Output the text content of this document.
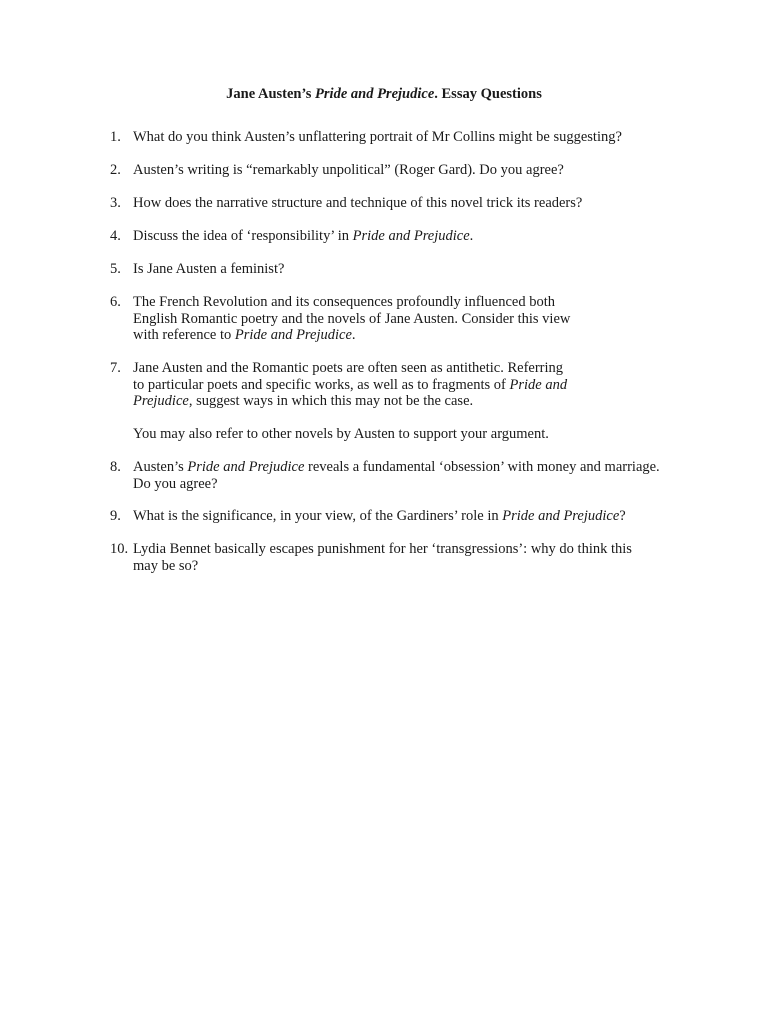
Jane Austen’s Pride and Prejudice. Essay Questions
1. What do you think Austen’s unflattering portrait of Mr Collins might be suggesting?
2. Austen’s writing is “remarkably unpolitical” (Roger Gard). Do you agree?
3. How does the narrative structure and technique of this novel trick its readers?
4. Discuss the idea of ‘responsibility’ in Pride and Prejudice.
5. Is Jane Austen a feminist?
6. The French Revolution and its consequences profoundly influenced both
English Romantic poetry and the novels of Jane Austen. Consider this view
with reference to Pride and Prejudice.
7. Jane Austen and the Romantic poets are often seen as antithetic. Referring
to particular poets and specific works, as well as to fragments of Pride and
Prejudice, suggest ways in which this may not be the case.
You may also refer to other novels by Austen to support your argument.
8. Austen’s Pride and Prejudice reveals a fundamental ‘obsession’ with money and marriage.
Do you agree?
9. What is the significance, in your view, of the Gardiners’ role in Pride and Prejudice?
10. Lydia Bennet basically escapes punishment for her ‘transgressions’: why do think this
may be so?
